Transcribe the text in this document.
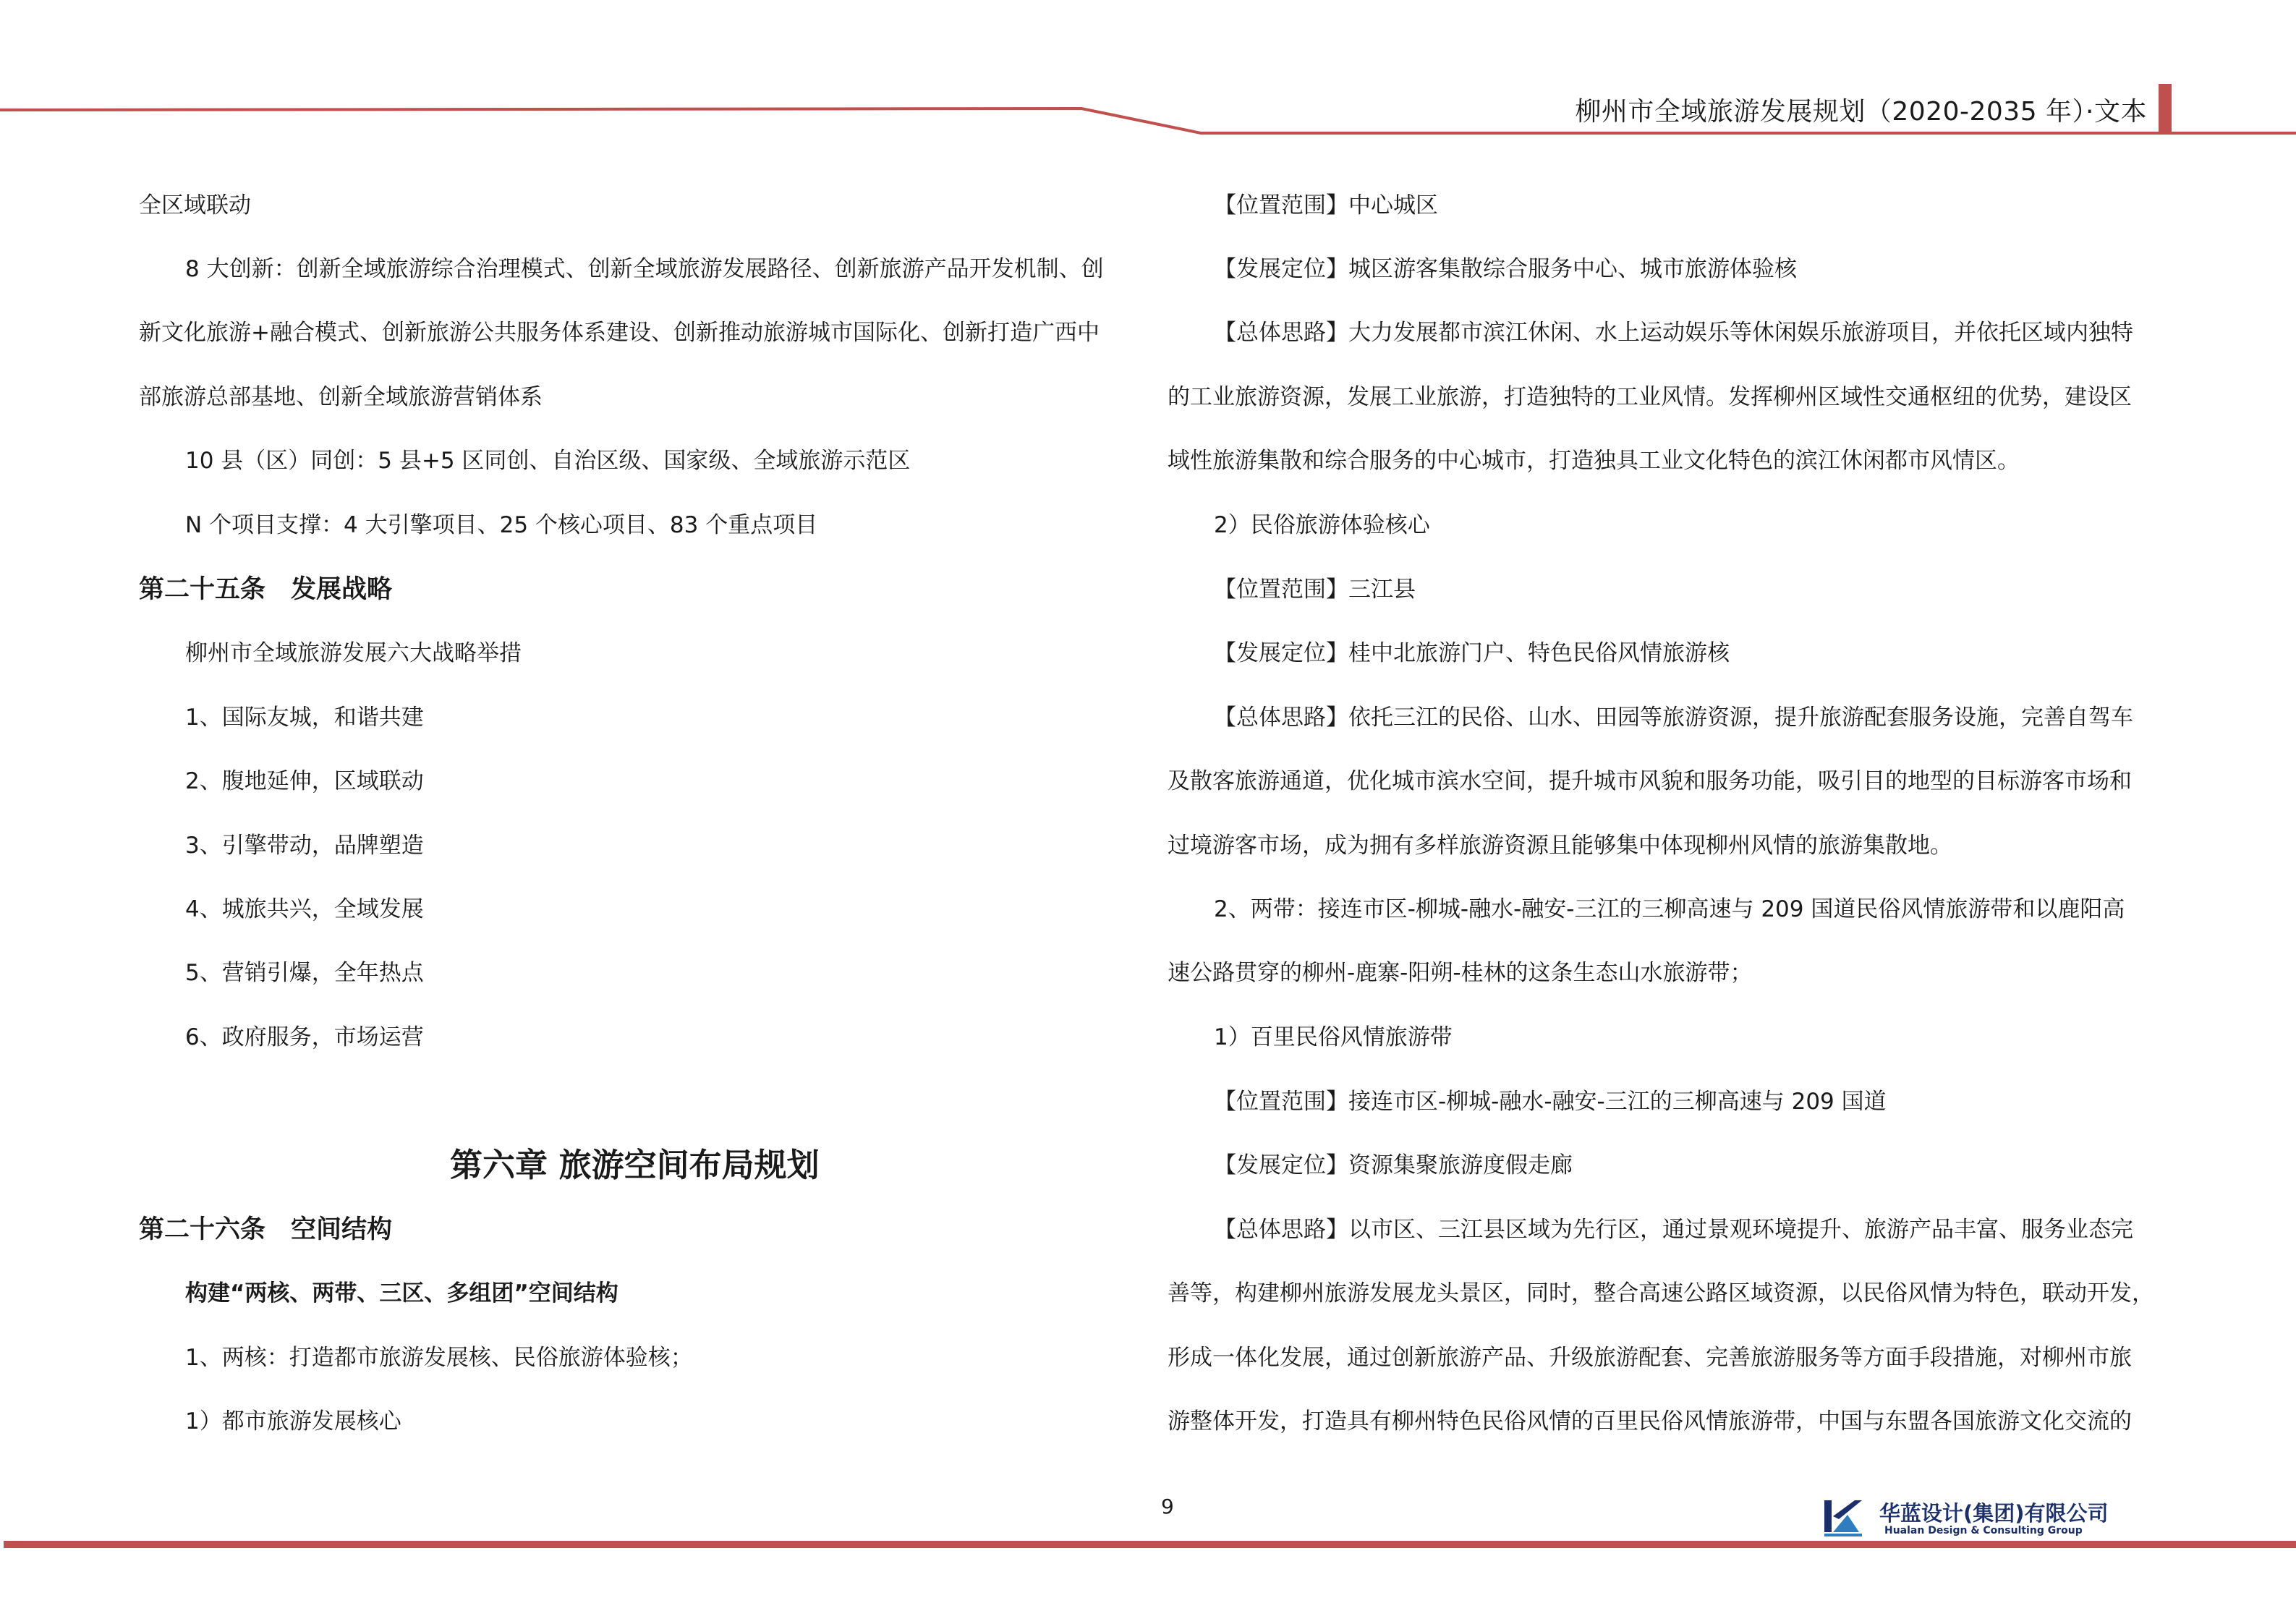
柳州市全域旅游发展规划（2020-2035 年）·文本
全区域联动
8 大创新：创新全域旅游综合治理模式、创新全域旅游发展路径、创新旅游产品开发机制、创
新文化旅游+融合模式、创新旅游公共服务体系建设、创新推动旅游城市国际化、创新打造广西中
部旅游总部基地、创新全域旅游营销体系
10 县（区）同创：5 县+5 区同创、自治区级、国家级、全域旅游示范区
N 个项目支撑：4 大引擎项目、25 个核心项目、83 个重点项目
第二十五条　发展战略
柳州市全域旅游发展六大战略举措
1、国际友城，和谐共建
2、腹地延伸，区域联动
3、引擎带动，品牌塑造
4、城旅共兴，全域发展
5、营销引爆，全年热点
6、政府服务，市场运营
第六章 旅游空间布局规划
第二十六条　空间结构
构建“两核、两带、三区、多组团”空间结构
1、两核：打造都市旅游发展核、民俗旅游体验核；
1）都市旅游发展核心
【位置范围】中心城区
【发展定位】城区游客集散综合服务中心、城市旅游体验核
【总体思路】大力发展都市滨江休闲、水上运动娱乐等休闲娱乐旅游项目，并依托区域内独特
的工业旅游资源，发展工业旅游，打造独特的工业风情。发挥柳州区域性交通枢纽的优势，建设区
域性旅游集散和综合服务的中心城市，打造独具工业文化特色的滨江休闲都市风情区。
2）民俗旅游体验核心
【位置范围】三江县
【发展定位】桂中北旅游门户、特色民俗风情旅游核
【总体思路】依托三江的民俗、山水、田园等旅游资源，提升旅游配套服务设施，完善自驾车
及散客旅游通道，优化城市滨水空间，提升城市风貌和服务功能，吸引目的地型的目标游客市场和
过境游客市场，成为拥有多样旅游资源且能够集中体现柳州风情的旅游集散地。
2、两带：接连市区-柳城-融水-融安-三江的三柳高速与 209 国道民俗风情旅游带和以鹿阳高
速公路贯穿的柳州-鹿寨-阳朔-桂林的这条生态山水旅游带；
1）百里民俗风情旅游带
【位置范围】接连市区-柳城-融水-融安-三江的三柳高速与 209 国道
【发展定位】资源集聚旅游度假走廊
【总体思路】以市区、三江县区域为先行区，通过景观环境提升、旅游产品丰富、服务业态完
善等，构建柳州旅游发展龙头景区，同时，整合高速公路区域资源，以民俗风情为特色，联动开发，
形成一体化发展，通过创新旅游产品、升级旅游配套、完善旅游服务等方面手段措施，对柳州市旅
游整体开发，打造具有柳州特色民俗风情的百里民俗风情旅游带，中国与东盟各国旅游文化交流的
9	华蓝设计(集团)有限公司
Hualan Design & Consulting Group
